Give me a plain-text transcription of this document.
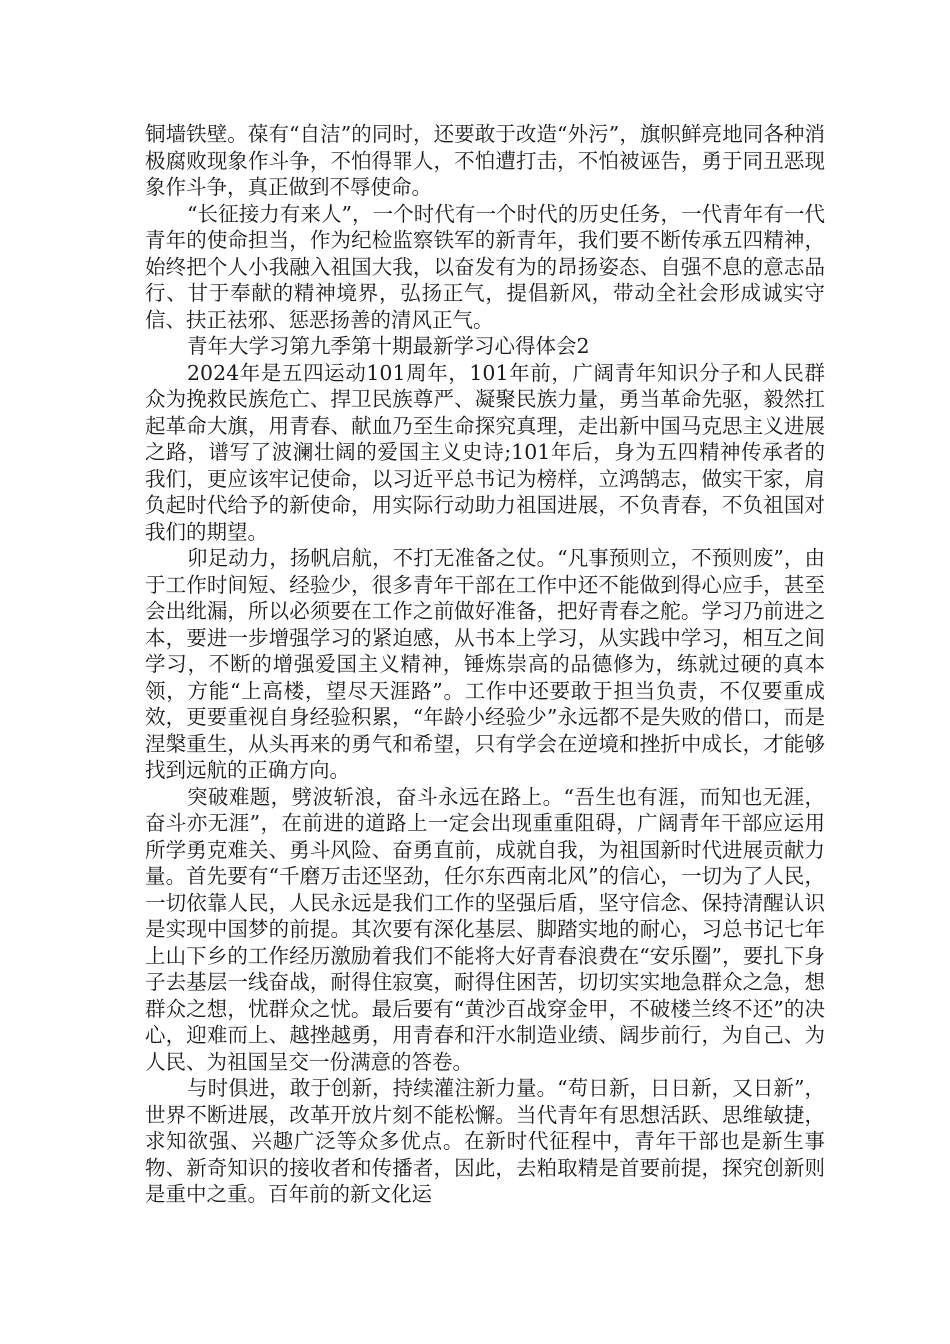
铜墙铁壁。葆有“自洁”的同时，还要敢于改造“外污”，旗帜鲜亮地同各种消极腐败现象作斗争，不怕得罪人，不怕遭打击，不怕被诬告，勇于同丑恶现象作斗争，真正做到不辱使命。

“长征接力有来人”，一个时代有一个时代的历史任务，一代青年有一代青年的使命担当，作为纪检监察铁军的新青年，我们要不断传承五四精神，始终把个人小我融入祖国大我，以奋发有为的昂扬姿态、自强不息的意志品行、甘于奉献的精神境界，弘扬正气，提倡新风，带动全社会形成诚实守信、扶正祛邪、惩恶扬善的清风正气。

青年大学习第九季第十期最新学习心得体会2

2024年是五四运动101周年，101年前，广阔青年知识分子和人民群众为挽救民族危亡、捍卫民族尊严、凝聚民族力量，勇当革命先驱，毅然扛起革命大旗，用青春、献血乃至生命探究真理，走出新中国马克思主义进展之路，谱写了波澜壮阔的爱国主义史诗;101年后，身为五四精神传承者的我们，更应该牢记使命，以习近平总书记为榜样，立鸿鹄志，做实干家，肩负起时代给予的新使命，用实际行动助力祖国进展，不负青春，不负祖国对我们的期望。

卯足动力，扬帆启航，不打无准备之仗。“凡事预则立，不预则废”，由于工作时间短、经验少，很多青年干部在工作中还不能做到得心应手，甚至会出纰漏，所以必须要在工作之前做好准备，把好青春之舵。学习乃前进之本，要进一步增强学习的紧迫感，从书本上学习，从实践中学习，相互之间学习，不断的增强爱国主义精神，锤炼崇高的品德修为，练就过硬的真本领，方能“上高楼，望尽天涯路”。工作中还要敢于担当负责，不仅要重成效，更要重视自身经验积累，“年龄小经验少”永远都不是失败的借口，而是涅槃重生，从头再来的勇气和希望，只有学会在逆境和挫折中成长，才能够找到远航的正确方向。

突破难题，劈波斩浪，奋斗永远在路上。“吾生也有涯，而知也无涯，奋斗亦无涯”，在前进的道路上一定会出现重重阻碍，广阔青年干部应运用所学勇克难关、勇斗风险、奋勇直前，成就自我，为祖国新时代进展贡献力量。首先要有“千磨万击还坚劲，任尔东西南北风”的信心，一切为了人民，一切依靠人民，人民永远是我们工作的坚强后盾，坚守信念、保持清醒认识是实现中国梦的前提。其次要有深化基层、脚踏实地的耐心，习总书记七年上山下乡的工作经历激励着我们不能将大好青春浪费在“安乐圈”，要扎下身子去基层一线奋战，耐得住寂寞，耐得住困苦，切切实实地急群众之急，想群众之想，忧群众之忧。最后要有“黄沙百战穿金甲，不破楼兰终不还”的决心，迎难而上、越挫越勇，用青春和汗水制造业绩、阔步前行，为自己、为人民、为祖国呈交一份满意的答卷。

与时俱进，敢于创新，持续灌注新力量。“苟日新，日日新，又日新”，世界不断进展，改革开放片刻不能松懈。当代青年有思想活跃、思维敏捷，求知欲强、兴趣广泛等众多优点。在新时代征程中，青年干部也是新生事物、新奇知识的接收者和传播者，因此，去粕取精是首要前提，探究创新则是重中之重。百年前的新文化运
